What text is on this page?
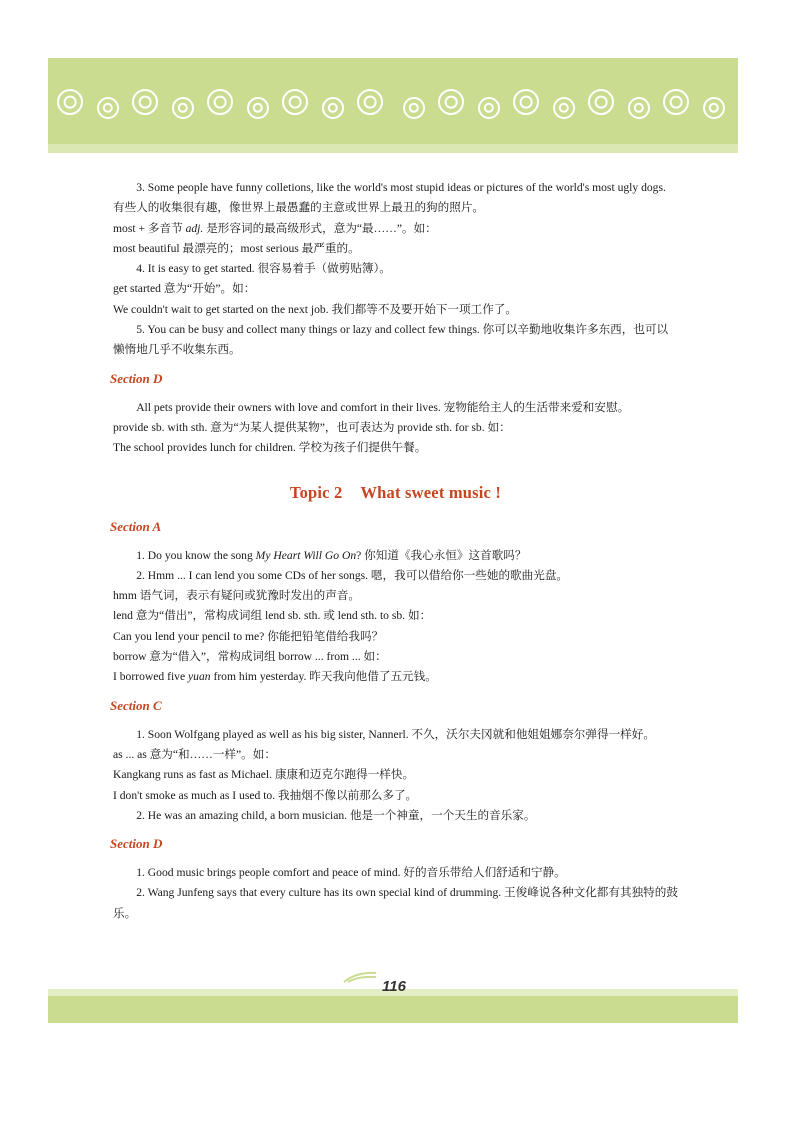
3. Some people have funny colletions, like the world's most stupid ideas or pictures of the world's most ugly dogs. 有些人的收集很有趣，像世界上最愚蠢的主意或世界上最丑的狗的照片。

most + 多音节 adj. 是形容词的最高级形式，意为“最……”。如：

most beautiful 最漂亮的；most serious 最严重的。

4. It is easy to get started. 很容易着手（做剪贴簿）。

get started 意为“开始”。如：

We couldn't wait to get started on the next job. 我们都等不及要开始下一项工作了。

5. You can be busy and collect many things or lazy and collect few things. 你可以辛勤地收集许多东西，也可以懒惰地几乎不收集东西。

Section D

All pets provide their owners with love and comfort in their lives. 宠物能给主人的生活带来爱和安慰。

provide sb. with sth. 意为“为某人提供某物”，也可表达为 provide sth. for sb. 如：

The school provides lunch for children. 学校为孩子们提供午餐。

Topic 2 What sweet music !
Section A

1. Do you know the song My Heart Will Go On? 你知道《我心永恒》这首歌吗？

2. Hmm ... I can lend you some CDs of her songs. 嗯，我可以借给你一些她的歌曲光盘。

hmm 语气词，表示有疑问或犹豫时发出的声音。

lend 意为“借出”，常构成词组 lend sb. sth. 或 lend sth. to sb. 如：

Can you lend your pencil to me? 你能把铅笔借给我吗？

borrow 意为“借入”，常构成词组 borrow ... from ... 如：

I borrowed five yuan from him yesterday. 昨天我向他借了五元钱。

Section C

1. Soon Wolfgang played as well as his big sister, Nannerl. 不久，沃尔夫冈就和他姐姐娜奈尔弹得一样好。

as ... as 意为“和……一样”。如：

Kangkang runs as fast as Michael. 康康和迈克尔跑得一样快。

I don't smoke as much as I used to. 我抽烟不像以前那么多了。

2. He was an amazing child, a born musician. 他是一个神童，一个天生的音乐家。

Section D

1. Good music brings people comfort and peace of mind. 好的音乐带给人们舒适和宁静。

2. Wang Junfeng says that every culture has its own special kind of drumming. 王俊峰说各种文化都有其独特的鼓乐。

116
